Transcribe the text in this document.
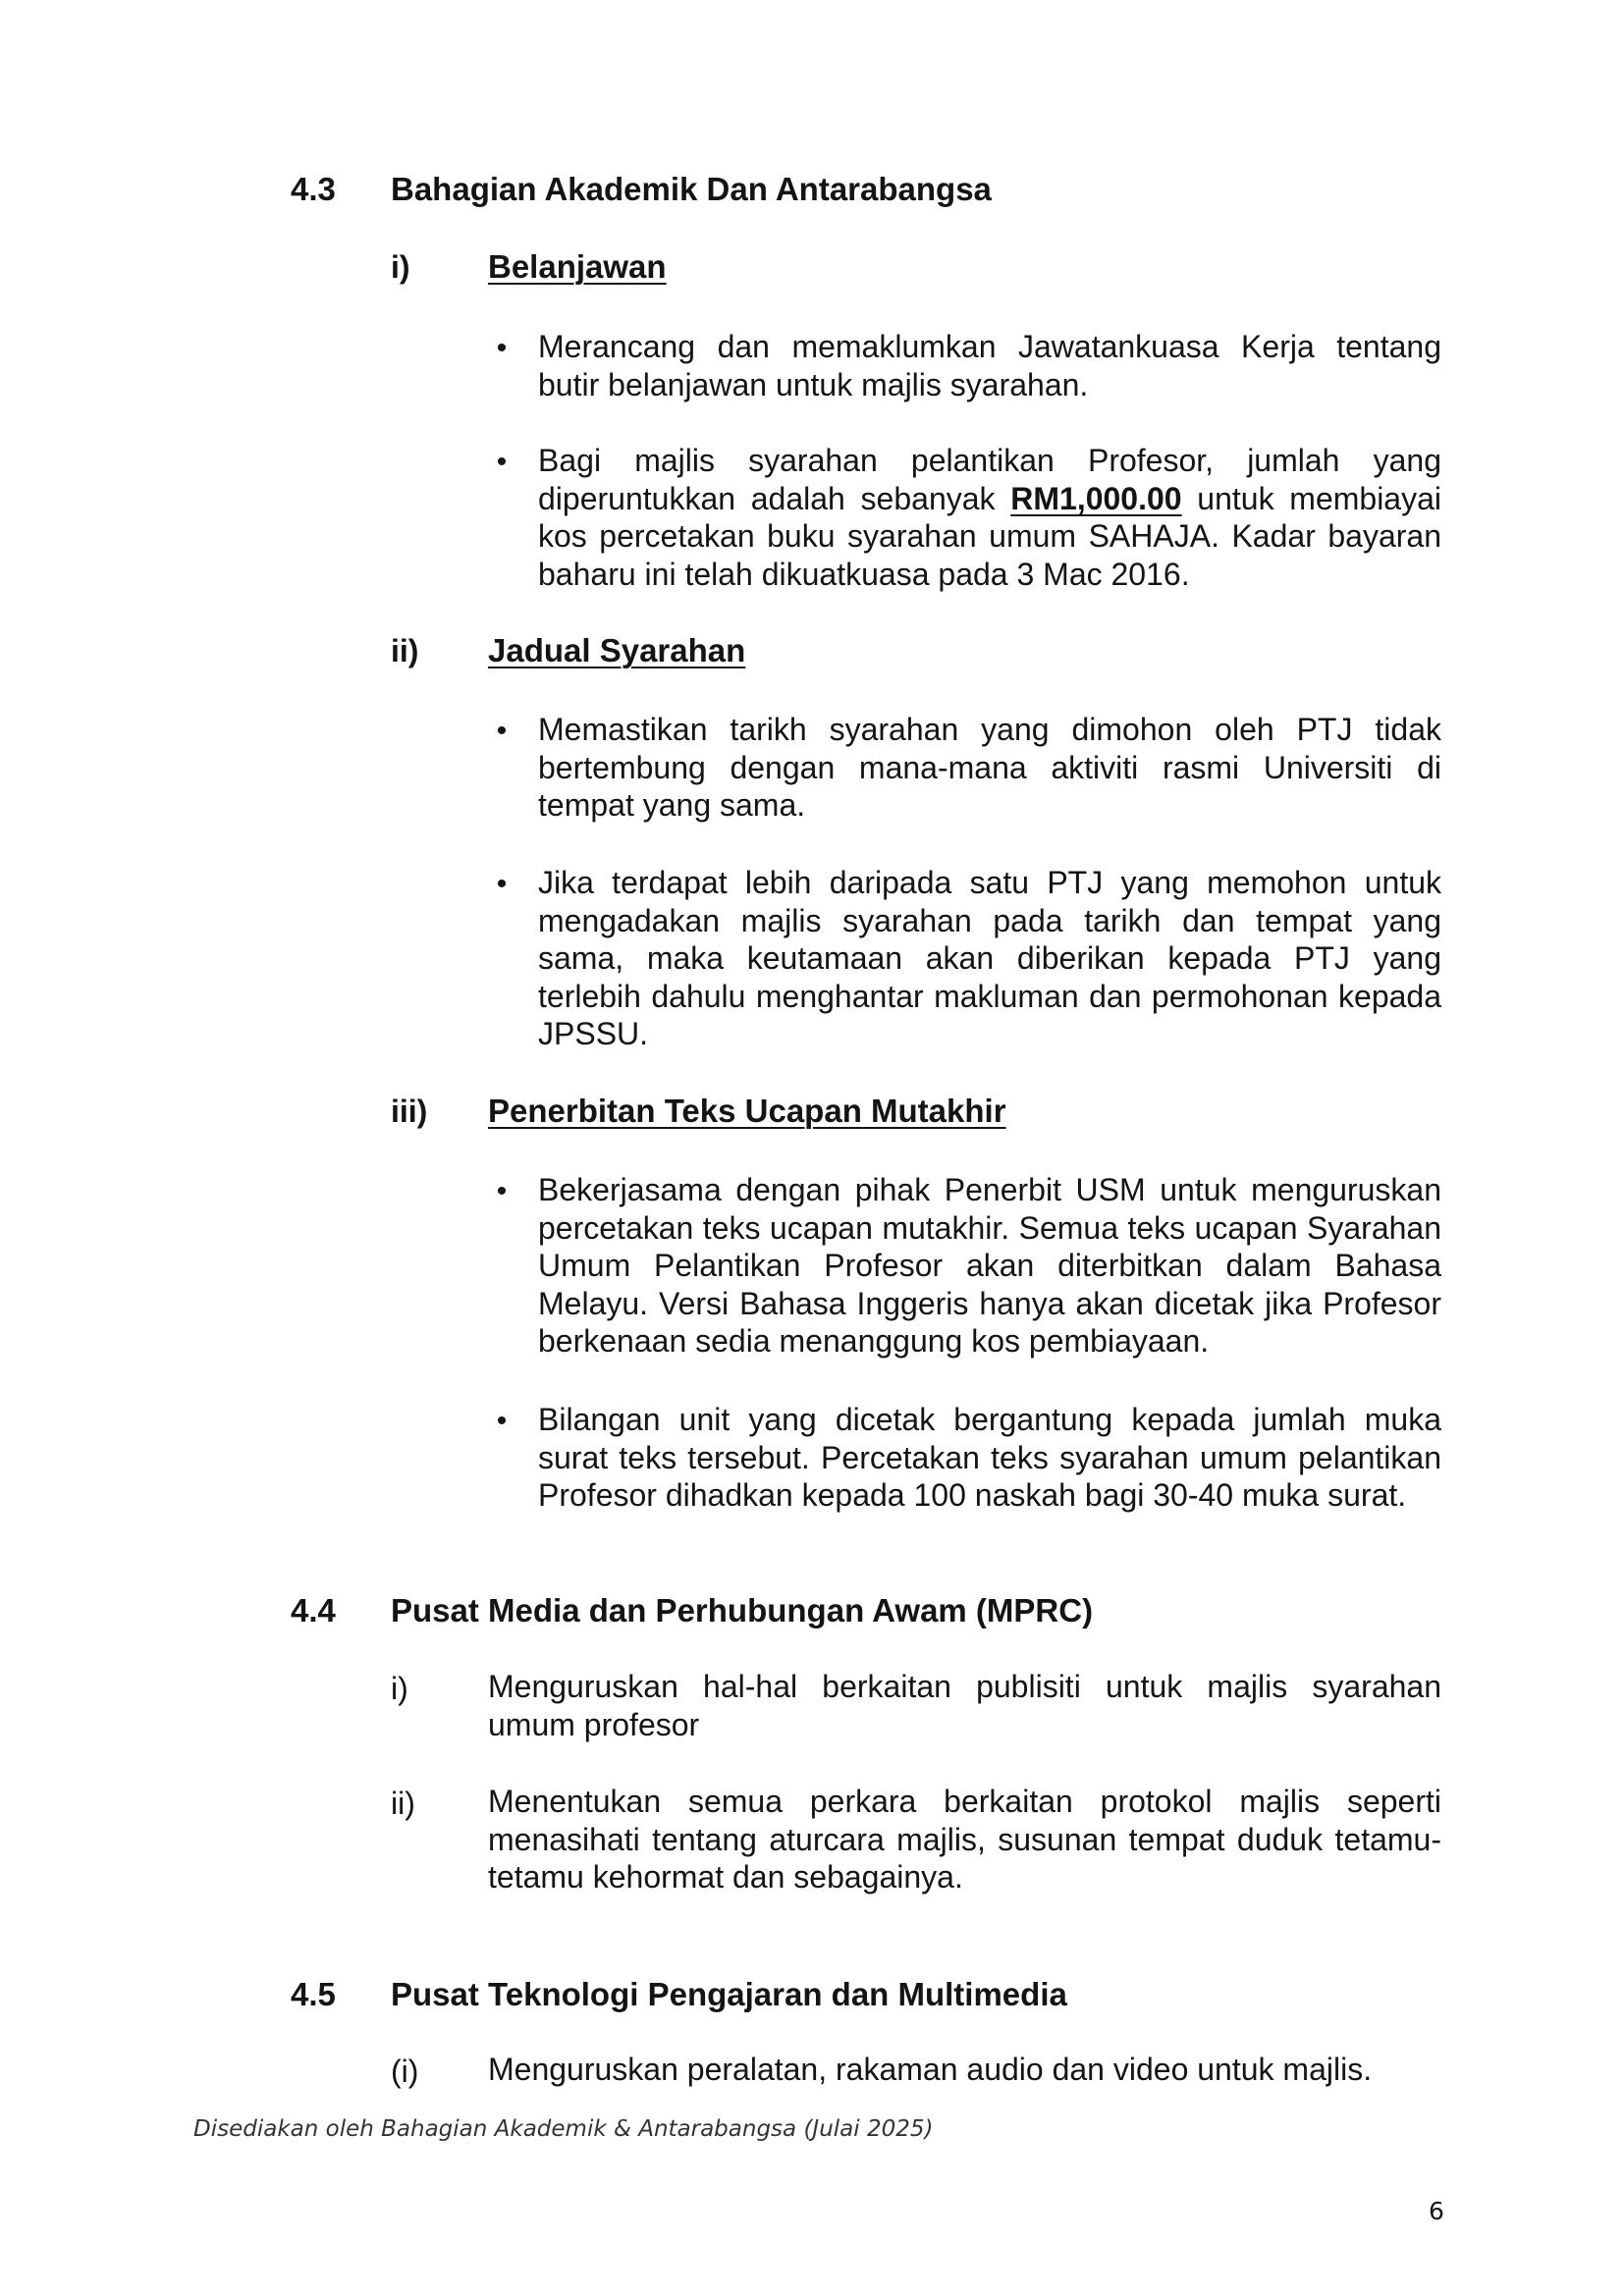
4.3 Bahagian Akademik Dan Antarabangsa
i) Belanjawan
• Merancang dan memaklumkan Jawatankuasa Kerja tentang butir belanjawan untuk majlis syarahan.
• Bagi majlis syarahan pelantikan Profesor, jumlah yang diperuntukkan adalah sebanyak RM1,000.00 untuk membiayai kos percetakan buku syarahan umum SAHAJA. Kadar bayaran baharu ini telah dikuatkuasa pada 3 Mac 2016.
ii) Jadual Syarahan
• Memastikan tarikh syarahan yang dimohon oleh PTJ tidak bertembung dengan mana-mana aktiviti rasmi Universiti di tempat yang sama.
• Jika terdapat lebih daripada satu PTJ yang memohon untuk mengadakan majlis syarahan pada tarikh dan tempat yang sama, maka keutamaan akan diberikan kepada PTJ yang terlebih dahulu menghantar makluman dan permohonan kepada JPSSU.
iii) Penerbitan Teks Ucapan Mutakhir
• Bekerjasama dengan pihak Penerbit USM untuk menguruskan percetakan teks ucapan mutakhir. Semua teks ucapan Syarahan Umum Pelantikan Profesor akan diterbitkan dalam Bahasa Melayu. Versi Bahasa Inggeris hanya akan dicetak jika Profesor berkenaan sedia menanggung kos pembiayaan.
• Bilangan unit yang dicetak bergantung kepada jumlah muka surat teks tersebut. Percetakan teks syarahan umum pelantikan Profesor dihadkan kepada 100 naskah bagi 30-40 muka surat.
4.4 Pusat Media dan Perhubungan Awam (MPRC)
i)	Menguruskan hal-hal berkaitan publisiti untuk majlis syarahan umum profesor
ii) Menentukan semua perkara berkaitan protokol majlis seperti menasihati tentang aturcara majlis, susunan tempat duduk tetamu-tetamu kehormat dan sebagainya.
4.5 Pusat Teknologi Pengajaran dan Multimedia
(i) Menguruskan peralatan, rakaman audio dan video untuk majlis.
Disediakan oleh Bahagian Akademik & Antarabangsa (Julai 2025)
6
